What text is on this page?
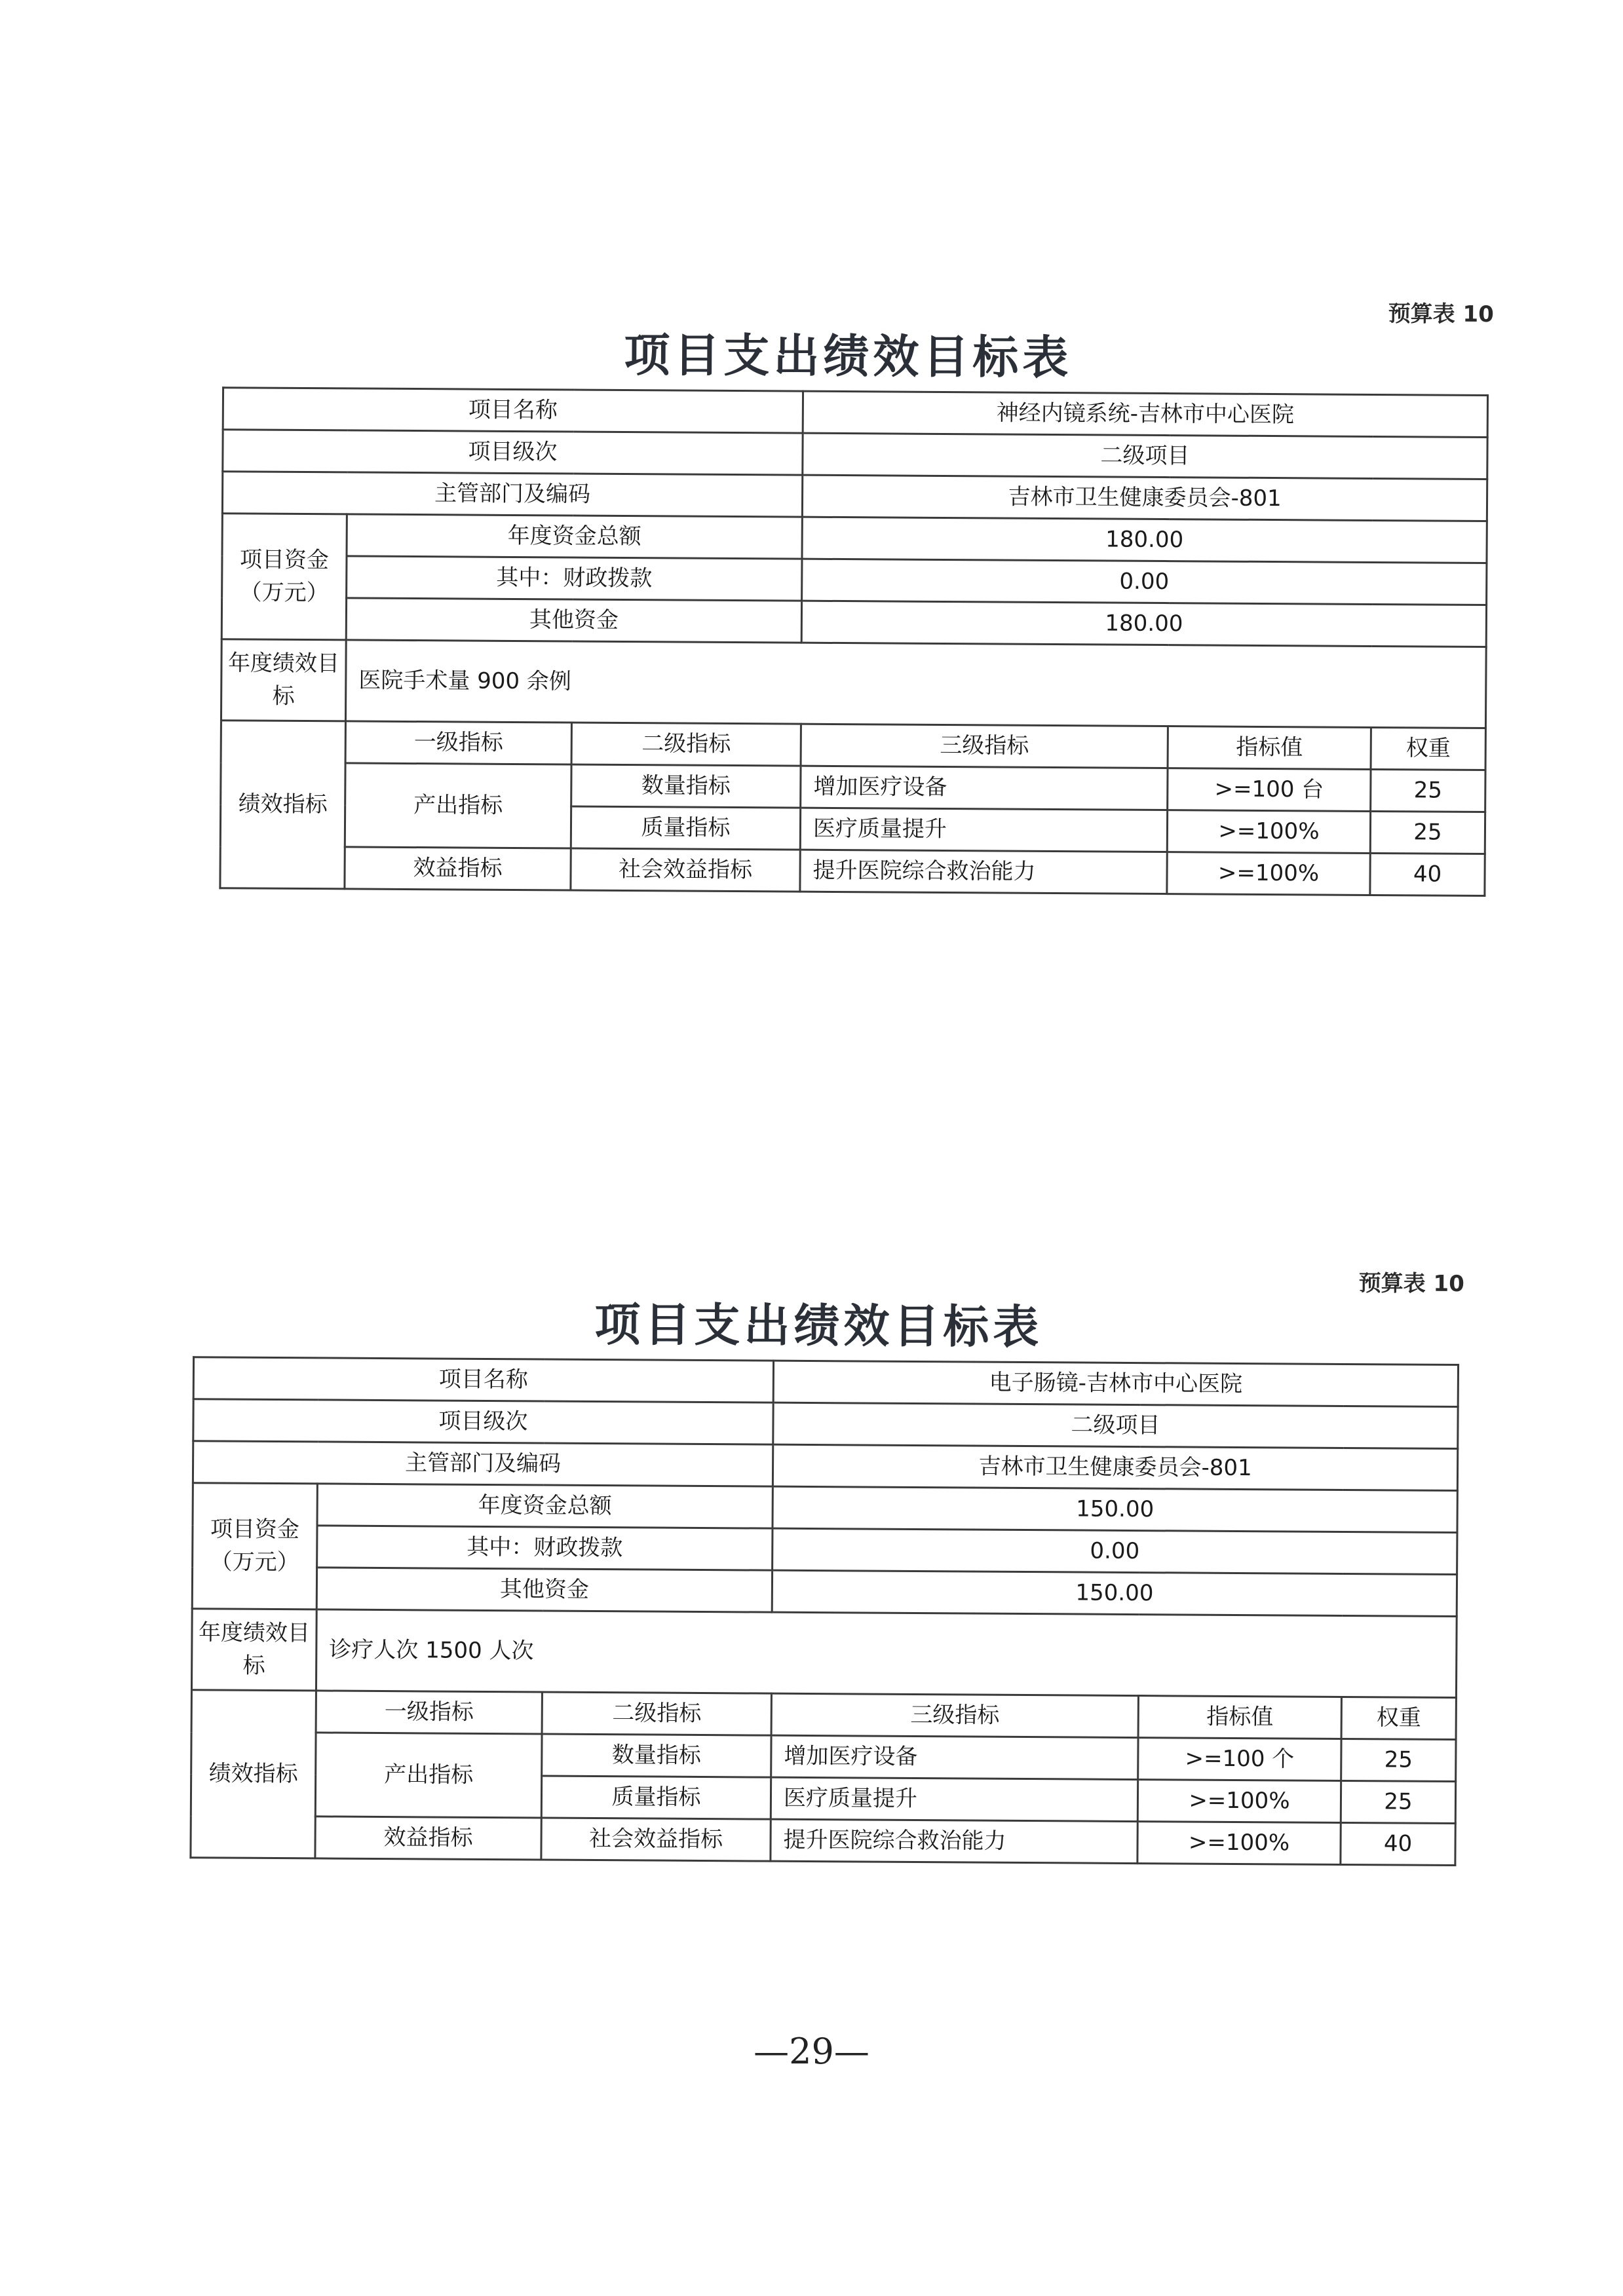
预算表 10
项目支出绩效目标表
项目名称			神经内镜系统-吉林市中心医院		
项目级次			二级项目		
主管部门及编码			吉林市卫生健康委员会-801		
项目资金（万元）	年度资金总额		180.00		
	其中：财政拨款		0.00		
	其他资金		180.00		
年度绩效目标	医院手术量 900 余例				
绩效指标	一级指标	二级指标	三级指标	指标值	权重
	产出指标	数量指标	增加医疗设备	>=100 台	25
		质量指标	医疗质量提升	>=100%	25
	效益指标	社会效益指标	提升医院综合救治能力	>=100%	40
预算表 10
项目支出绩效目标表
项目名称			电子肠镜-吉林市中心医院		
项目级次			二级项目		
主管部门及编码			吉林市卫生健康委员会-801		
项目资金（万元）	年度资金总额		150.00		
	其中：财政拨款		0.00		
	其他资金		150.00		
年度绩效目标	诊疗人次 1500 人次				
绩效指标	一级指标	二级指标	三级指标	指标值	权重
	产出指标	数量指标	增加医疗设备	>=100 个	25
		质量指标	医疗质量提升	>=100%	25
	效益指标	社会效益指标	提升医院综合救治能力	>=100%	40
—29—
